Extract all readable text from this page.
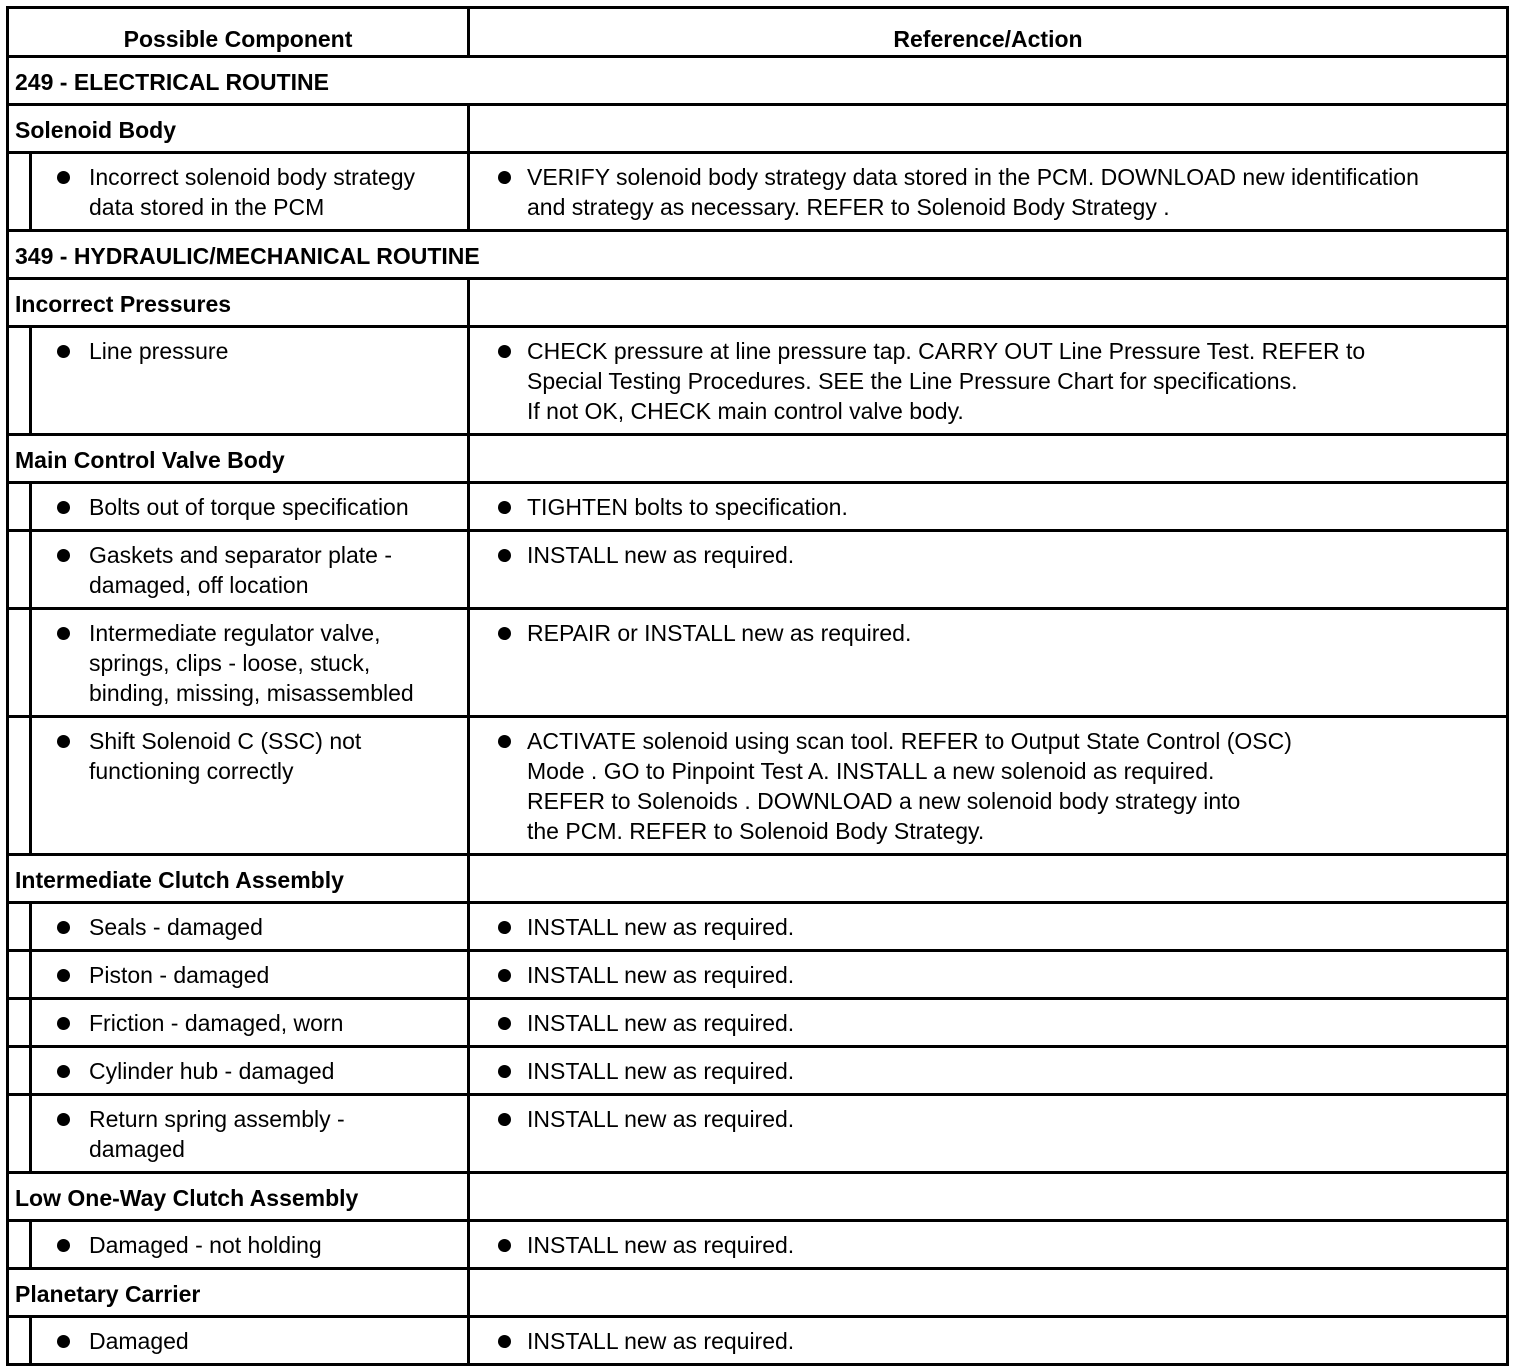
Possible Component		Reference/Action
249 - ELECTRICAL ROUTINE		
Solenoid Body		

Incorrect solenoid body strategy
data stored in the PCM	VERIFY solenoid body strategy data stored in the PCM. DOWNLOAD new identification
and strategy as necessary. REFER to Solenoid Body Strategy .

349 - HYDRAULIC/MECHANICAL ROUTINE		
Incorrect Pressures		

Line pressure	CHECK pressure at line pressure tap. CARRY OUT Line Pressure Test. REFER to
Special Testing Procedures. SEE the Line Pressure Chart for specifications.
If not OK, CHECK main control valve body.

Main Control Valve Body		

Bolts out of torque specification	TIGHTEN bolts to specification.

Gaskets and separator plate -
damaged, off location	INSTALL new as required.

Intermediate regulator valve,
springs, clips - loose, stuck,
binding, missing, misassembled	REPAIR or INSTALL new as required.

Shift Solenoid C (SSC) not
functioning correctly	ACTIVATE solenoid using scan tool. REFER to Output State Control (OSC)
Mode . GO to Pinpoint Test A. INSTALL a new solenoid as required.
REFER to Solenoids . DOWNLOAD a new solenoid body strategy into
the PCM. REFER to Solenoid Body Strategy.

Intermediate Clutch Assembly		

Seals - damaged	INSTALL new as required.

Piston - damaged	INSTALL new as required.

Friction - damaged, worn	INSTALL new as required.

Cylinder hub - damaged	INSTALL new as required.

Return spring assembly -
damaged	INSTALL new as required.

Low One-Way Clutch Assembly		

Damaged - not holding	INSTALL new as required.

Planetary Carrier		

Damaged	INSTALL new as required.
